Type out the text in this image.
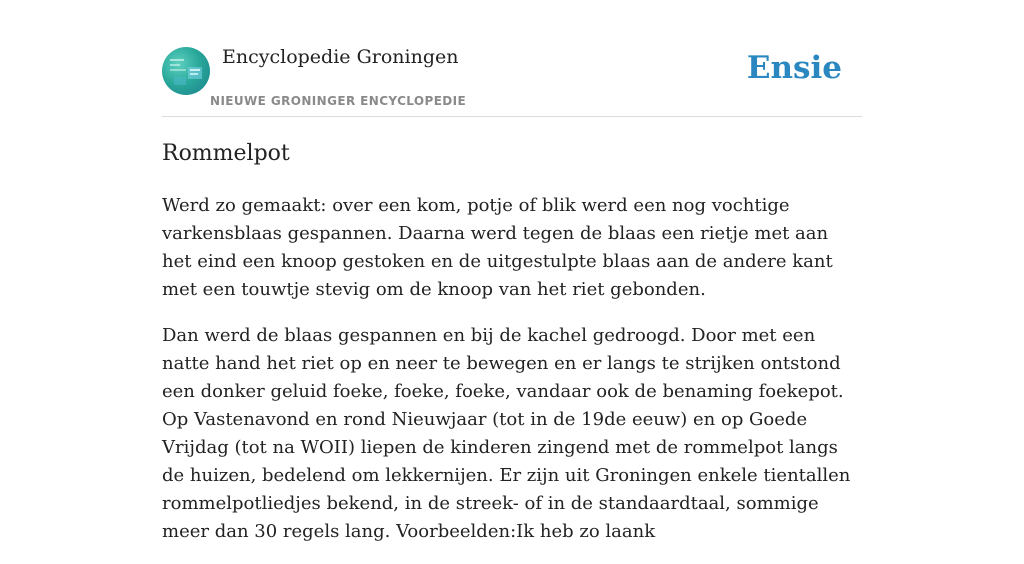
Encyclopedie Groningen
NIEUWE GRONINGER ENCYCLOPEDIE
Ensie
Rommelpot

Werd zo gemaakt: over een kom, potje of blik werd een nog vochtige varkensblaas gespannen. Daarna werd tegen de blaas een rietje met aan het eind een knoop gestoken en de uitgestulpte blaas aan de andere kant met een touwtje stevig om de knoop van het riet gebonden.

Dan werd de blaas gespannen en bij de kachel gedroogd. Door met een natte hand het riet op en neer te bewegen en er langs te strijken ontstond een donker geluid foeke, foeke, foeke, vandaar ook de benaming foekepot. Op Vastenavond en rond Nieuwjaar (tot in de 19de eeuw) en op Goede Vrijdag (tot na WOII) liepen de kinderen zingend met de rommelpot langs de huizen, bedelend om lekkernijen. Er zijn uit Groningen enkele tientallen rommelpotliedjes bekend, in de streek- of in de standaardtaal, sommige meer dan 30 regels lang. Voorbeelden:Ik heb zo laank
